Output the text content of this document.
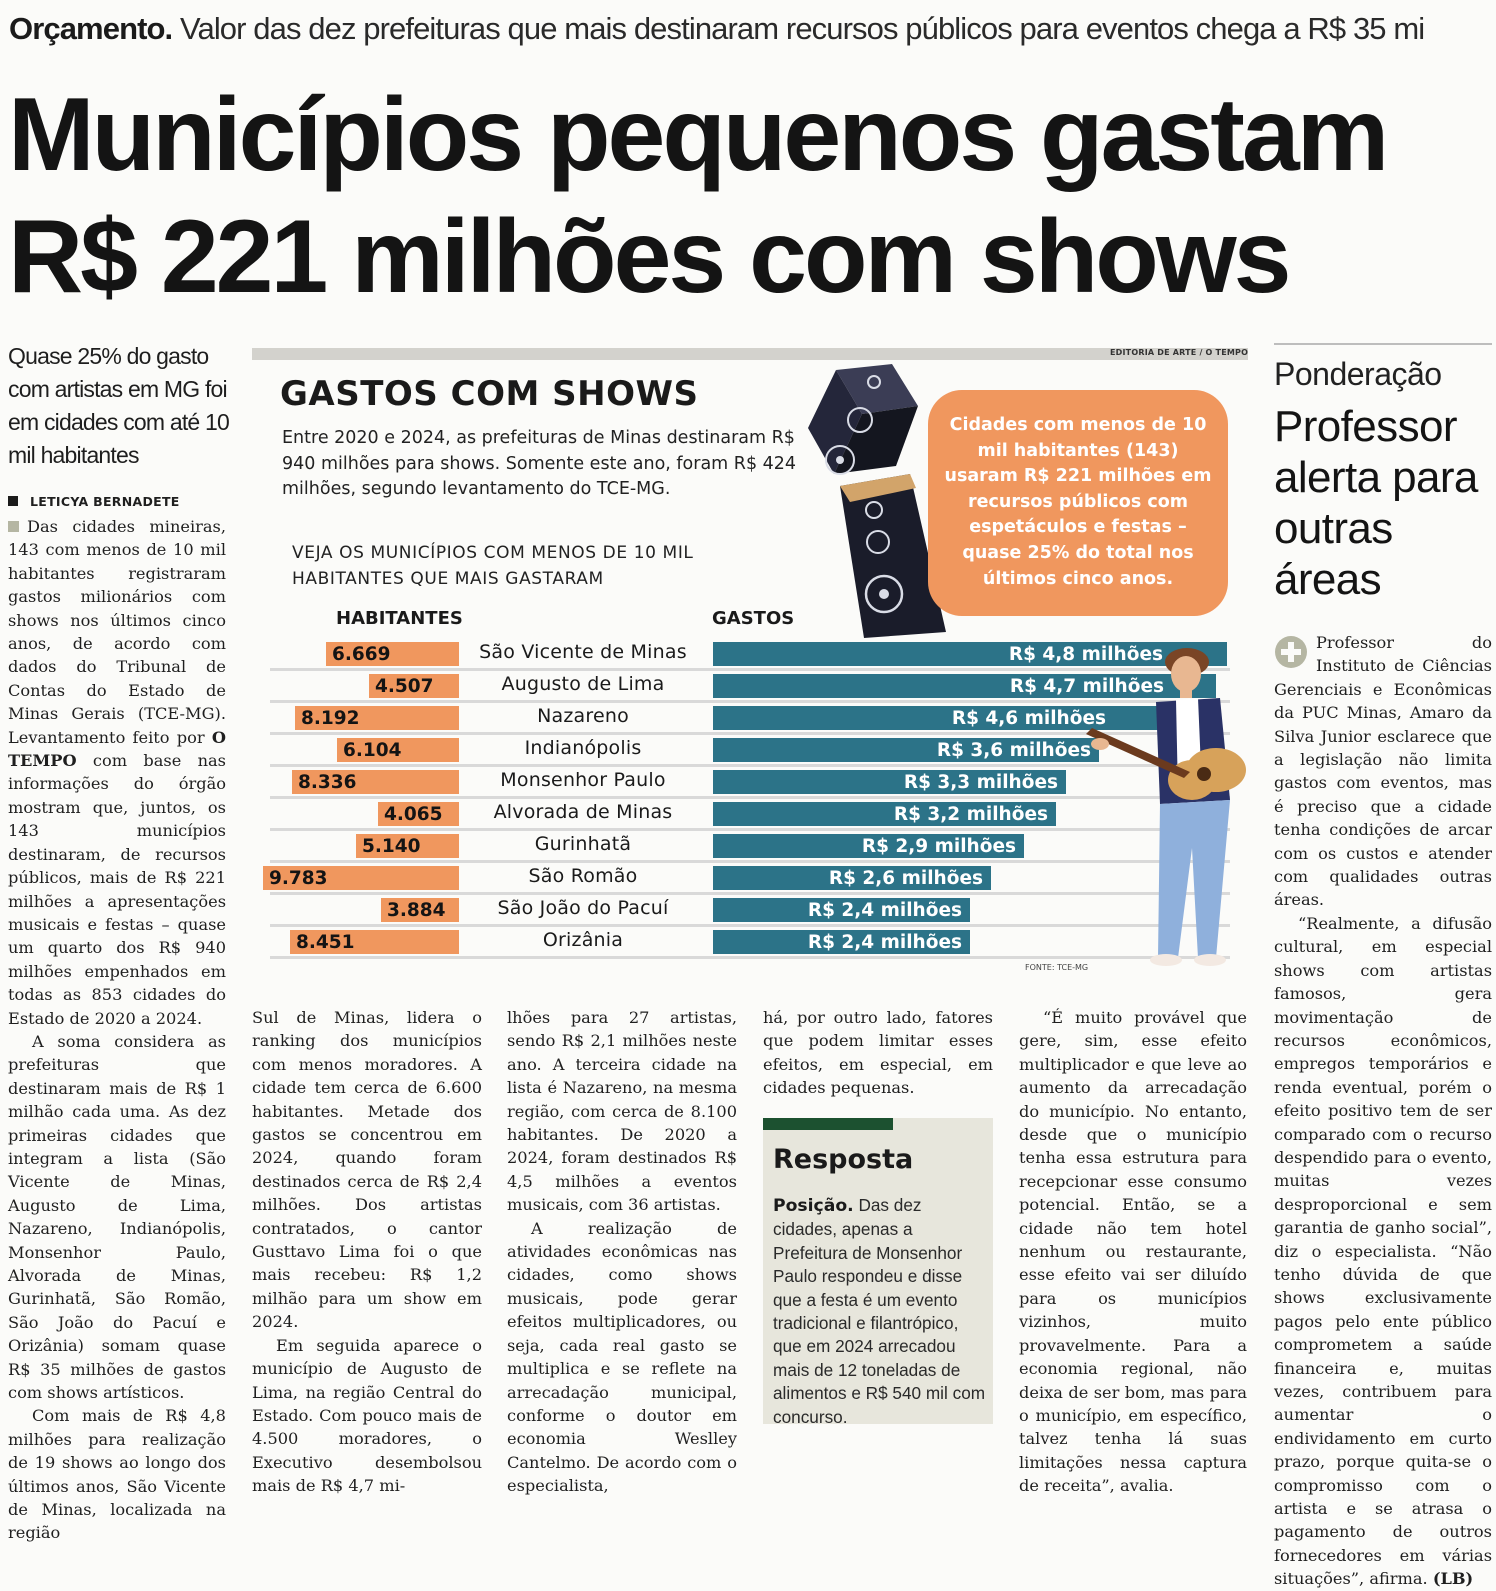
Orçamento. Valor das dez prefeituras que mais destinaram recursos públicos para eventos chega a R$ 35 mi
Municípios pequenos gastam
R$ 221 milhões com shows
Quase 25% do gasto com artistas em MG foi em cidades com até 10 mil habitantes
LETICYA BERNADETE

Das cidades mineiras, 143 com menos de 10 mil habitantes registraram gastos milionários com shows nos últimos cinco anos, de acordo com dados do Tribunal de Contas do Estado de Minas Gerais (TCE-MG). Levantamento feito por O TEMPO com base nas informações do órgão mostram que, juntos, os 143 municípios destinaram, de recursos públicos, mais de R$ 221 milhões a apresentações musicais e festas – quase um quarto dos R$ 940 milhões empenhados em todas as 853 cidades do Estado de 2020 a 2024.

A soma considera as prefeituras que destinaram mais de R$ 1 milhão cada uma. As dez primeiras cidades que integram a lista (São Vicente de Minas, Augusto de Lima, Nazareno, Indianópolis, Monsenhor Paulo, Alvorada de Minas, Gurinhatã, São Romão, São João do Pacuí e Orizânia) somam quase R$ 35 milhões de gastos com shows artísticos.

Com mais de R$ 4,8 milhões para realização de 19 shows ao longo dos últimos anos, São Vicente de Minas, localizada na região

Sul de Minas, lidera o ranking dos municípios com menos moradores. A cidade tem cerca de 6.600 habitantes. Metade dos gastos se concentrou em 2024, quando foram destinados cerca de R$ 2,4 milhões. Dos artistas contratados, o cantor Gusttavo Lima foi o que mais recebeu: R$ 1,2 milhão para um show em 2024.

Em seguida aparece o município de Augusto de Lima, na região Central do Estado. Com pouco mais de 4.500 moradores, o Executivo desembolsou mais de R$ 4,7 mi-

lhões para 27 artistas, sendo R$ 2,1 milhões neste ano. A terceira cidade na lista é Nazareno, na mesma região, com cerca de 8.100 habitantes. De 2020 a 2024, foram destinados R$ 4,5 milhões a eventos musicais, com 36 artistas.

A realização de atividades econômicas nas cidades, como shows musicais, pode gerar efeitos multiplicadores, ou seja, cada real gasto se multiplica e se reflete na arrecadação municipal, conforme o doutor em economia Weslley Cantelmo. De acordo com o especialista,

há, por outro lado, fatores que podem limitar esses efeitos, em especial, em cidades pequenas.

Resposta
Posição. Das dez cidades, apenas a Prefeitura de Monsenhor Paulo respondeu e disse que a festa é um evento tradicional e filantrópico, que em 2024 arrecadou mais de 12 toneladas de alimentos e R$ 540 mil com concurso.

“É muito provável que gere, sim, esse efeito multiplicador e que leve ao aumento da arrecadação do município. No entanto, desde que o município tenha essa estrutura para recepcionar esse consumo potencial. Então, se a cidade não tem hotel nenhum ou restaurante, esse efeito vai ser diluído para os municípios vizinhos, muito provavelmente. Para a economia regional, não deixa de ser bom, mas para o município, em específico, talvez tenha lá suas limitações nessa captura de receita”, avalia.

Ponderação
Professor alerta para outras áreas

Professor do Instituto de Ciências Gerenciais e Econômicas da PUC Minas, Amaro da Silva Junior esclarece que a legislação não limita gastos com eventos, mas é preciso que a cidade tenha condições de arcar com os custos e atender com qualidades outras áreas.

“Realmente, a difusão cultural, em especial shows com artistas famosos, gera movimentação de recursos econômicos, empregos temporários e renda eventual, porém o efeito positivo tem de ser comparado com o recurso despendido para o evento, muitas vezes desproporcional e sem garantia de ganho social”, diz o especialista. “Não tenho dúvida de que shows exclusivamente pagos pelo ente público comprometem a saúde financeira e, muitas vezes, contribuem para aumentar o endividamento em curto prazo, porque quita-se o compromisso com o artista e se atrasa o pagamento de outros fornecedores em várias situações”, afirma. (LB)

EDITORIA DE ARTE / O TEMPO
GASTOS COM SHOWS
Entre 2020 e 2024, as prefeituras de Minas destinaram R$ 940 milhões para shows. Somente este ano, foram R$ 424 milhões, segundo levantamento do TCE-MG.
Cidades com menos de 10 mil habitantes (143) usaram R$ 221 milhões em recursos públicos com espetáculos e festas – quase 25% do total nos últimos cinco anos.
VEJA OS MUNICÍPIOS COM MENOS DE 10 MIL HABITANTES QUE MAIS GASTARAM
HABITANTES	GASTOS
6.669	São Vicente de Minas	R$ 4,8 milhões
4.507	Augusto de Lima	R$ 4,7 milhões
8.192	Nazareno	R$ 4,6 milhões
6.104	Indianópolis	R$ 3,6 milhões
8.336	Monsenhor Paulo	R$ 3,3 milhões
4.065	Alvorada de Minas	R$ 3,2 milhões
5.140	Gurinhatã	R$ 2,9 milhões
9.783	São Romão	R$ 2,6 milhões
3.884	São João do Pacuí	R$ 2,4 milhões
8.451	Orizânia	R$ 2,4 milhões
FONTE: TCE-MG
